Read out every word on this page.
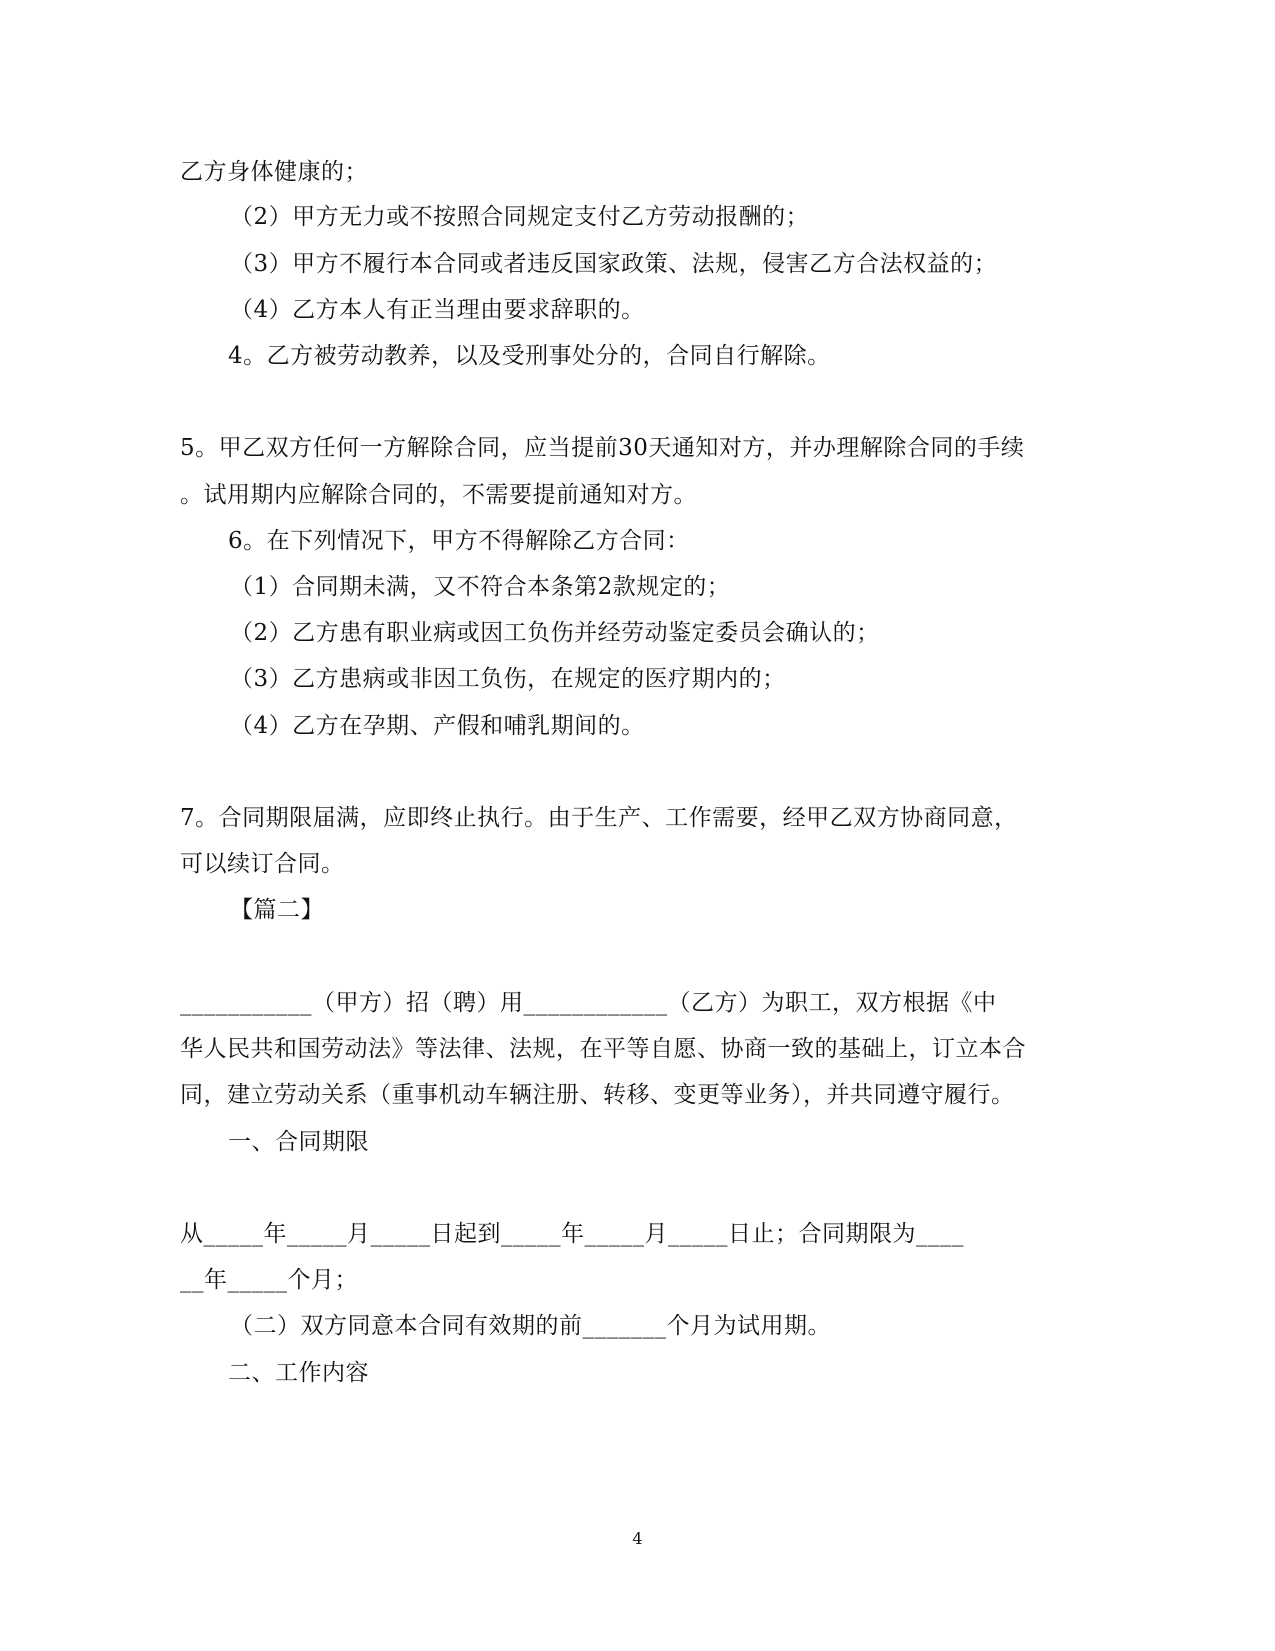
乙方身体健康的；
（2）甲方无力或不按照合同规定支付乙方劳动报酬的；
（3）甲方不履行本合同或者违反国家政策、法规，侵害乙方合法权益的；
（4）乙方本人有正当理由要求辞职的。
4。乙方被劳动教养，以及受刑事处分的，合同自行解除。
5。甲乙双方任何一方解除合同，应当提前30天通知对方，并办理解除合同的手续
。试用期内应解除合同的，不需要提前通知对方。
6。在下列情况下，甲方不得解除乙方合同：
（1）合同期未满，又不符合本条第2款规定的；
（2）乙方患有职业病或因工负伤并经劳动鉴定委员会确认的；
（3）乙方患病或非因工负伤，在规定的医疗期内的；
（4）乙方在孕期、产假和哺乳期间的。
7。合同期限届满，应即终止执行。由于生产、工作需要，经甲乙双方协商同意，
可以续订合同。
【篇二】
___________（甲方）招（聘）用____________（乙方）为职工，双方根据《中
华人民共和国劳动法》等法律、法规，在平等自愿、协商一致的基础上，订立本合
同，建立劳动关系（重事机动车辆注册、转移、变更等业务），并共同遵守履行。
一、合同期限
从_____年_____月_____日起到_____年_____月_____日止；合同期限为____
__年_____个月；
（二）双方同意本合同有效期的前_______个月为试用期。
二、工作内容
4
